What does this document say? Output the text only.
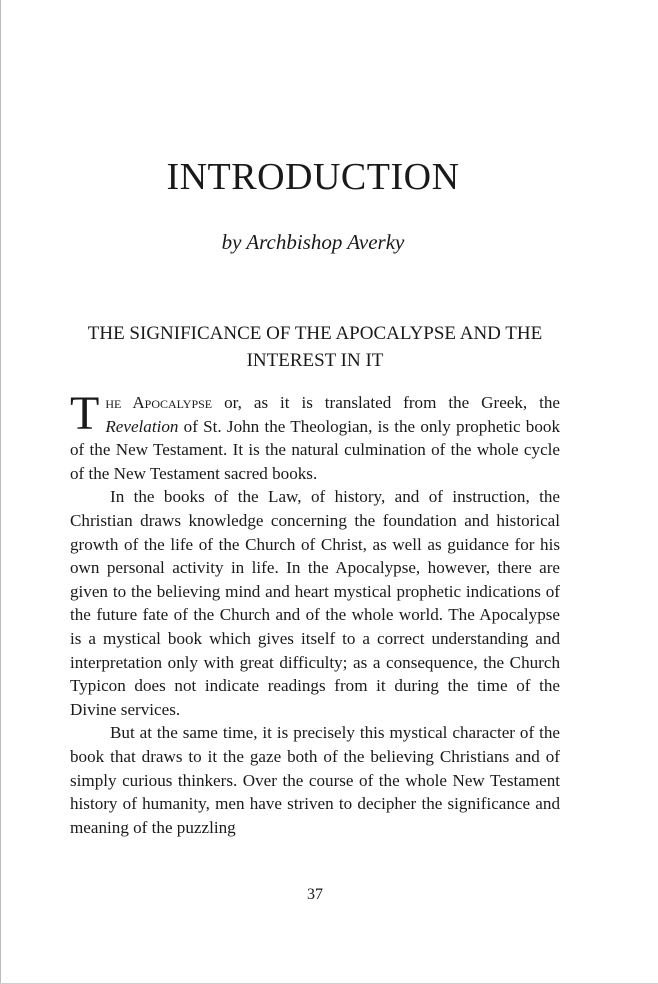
INTRODUCTION
by Archbishop Averky
THE SIGNIFICANCE OF THE APOCALYPSE AND THE INTEREST IN IT

The Apocalypse or, as it is translated from the Greek, the Revelation of St. John the Theologian, is the only prophetic book of the New Testament. It is the natural culmination of the whole cycle of the New Testament sacred books.

In the books of the Law, of history, and of instruction, the Christian draws knowledge concerning the foundation and historical growth of the life of the Church of Christ, as well as guidance for his own personal activity in life. In the Apocalypse, however, there are given to the believing mind and heart mystical prophetic indications of the future fate of the Church and of the whole world. The Apocalypse is a mystical book which gives itself to a correct understanding and interpretation only with great difficulty; as a consequence, the Church Typicon does not indicate readings from it during the time of the Divine services.

But at the same time, it is precisely this mystical character of the book that draws to it the gaze both of the believing Christians and of simply curious thinkers. Over the course of the whole New Testament history of humanity, men have striven to decipher the significance and meaning of the puzzling

37
